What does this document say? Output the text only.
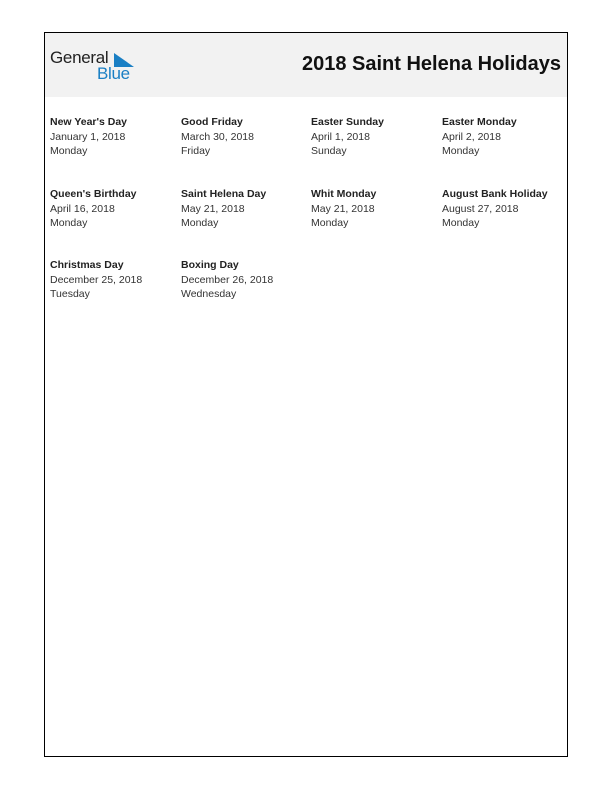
General
Blue	2018 Saint Helena Holidays
New Year's Day
January 1, 2018
Monday
Good Friday
March 30, 2018
Friday
Easter Sunday
April 1, 2018
Sunday
Easter Monday
April 2, 2018
Monday
Queen's Birthday
April 16, 2018
Monday
Saint Helena Day
May 21, 2018
Monday
Whit Monday
May 21, 2018
Monday
August Bank Holiday
August 27, 2018
Monday
Christmas Day
December 25, 2018
Tuesday
Boxing Day
December 26, 2018
Wednesday
